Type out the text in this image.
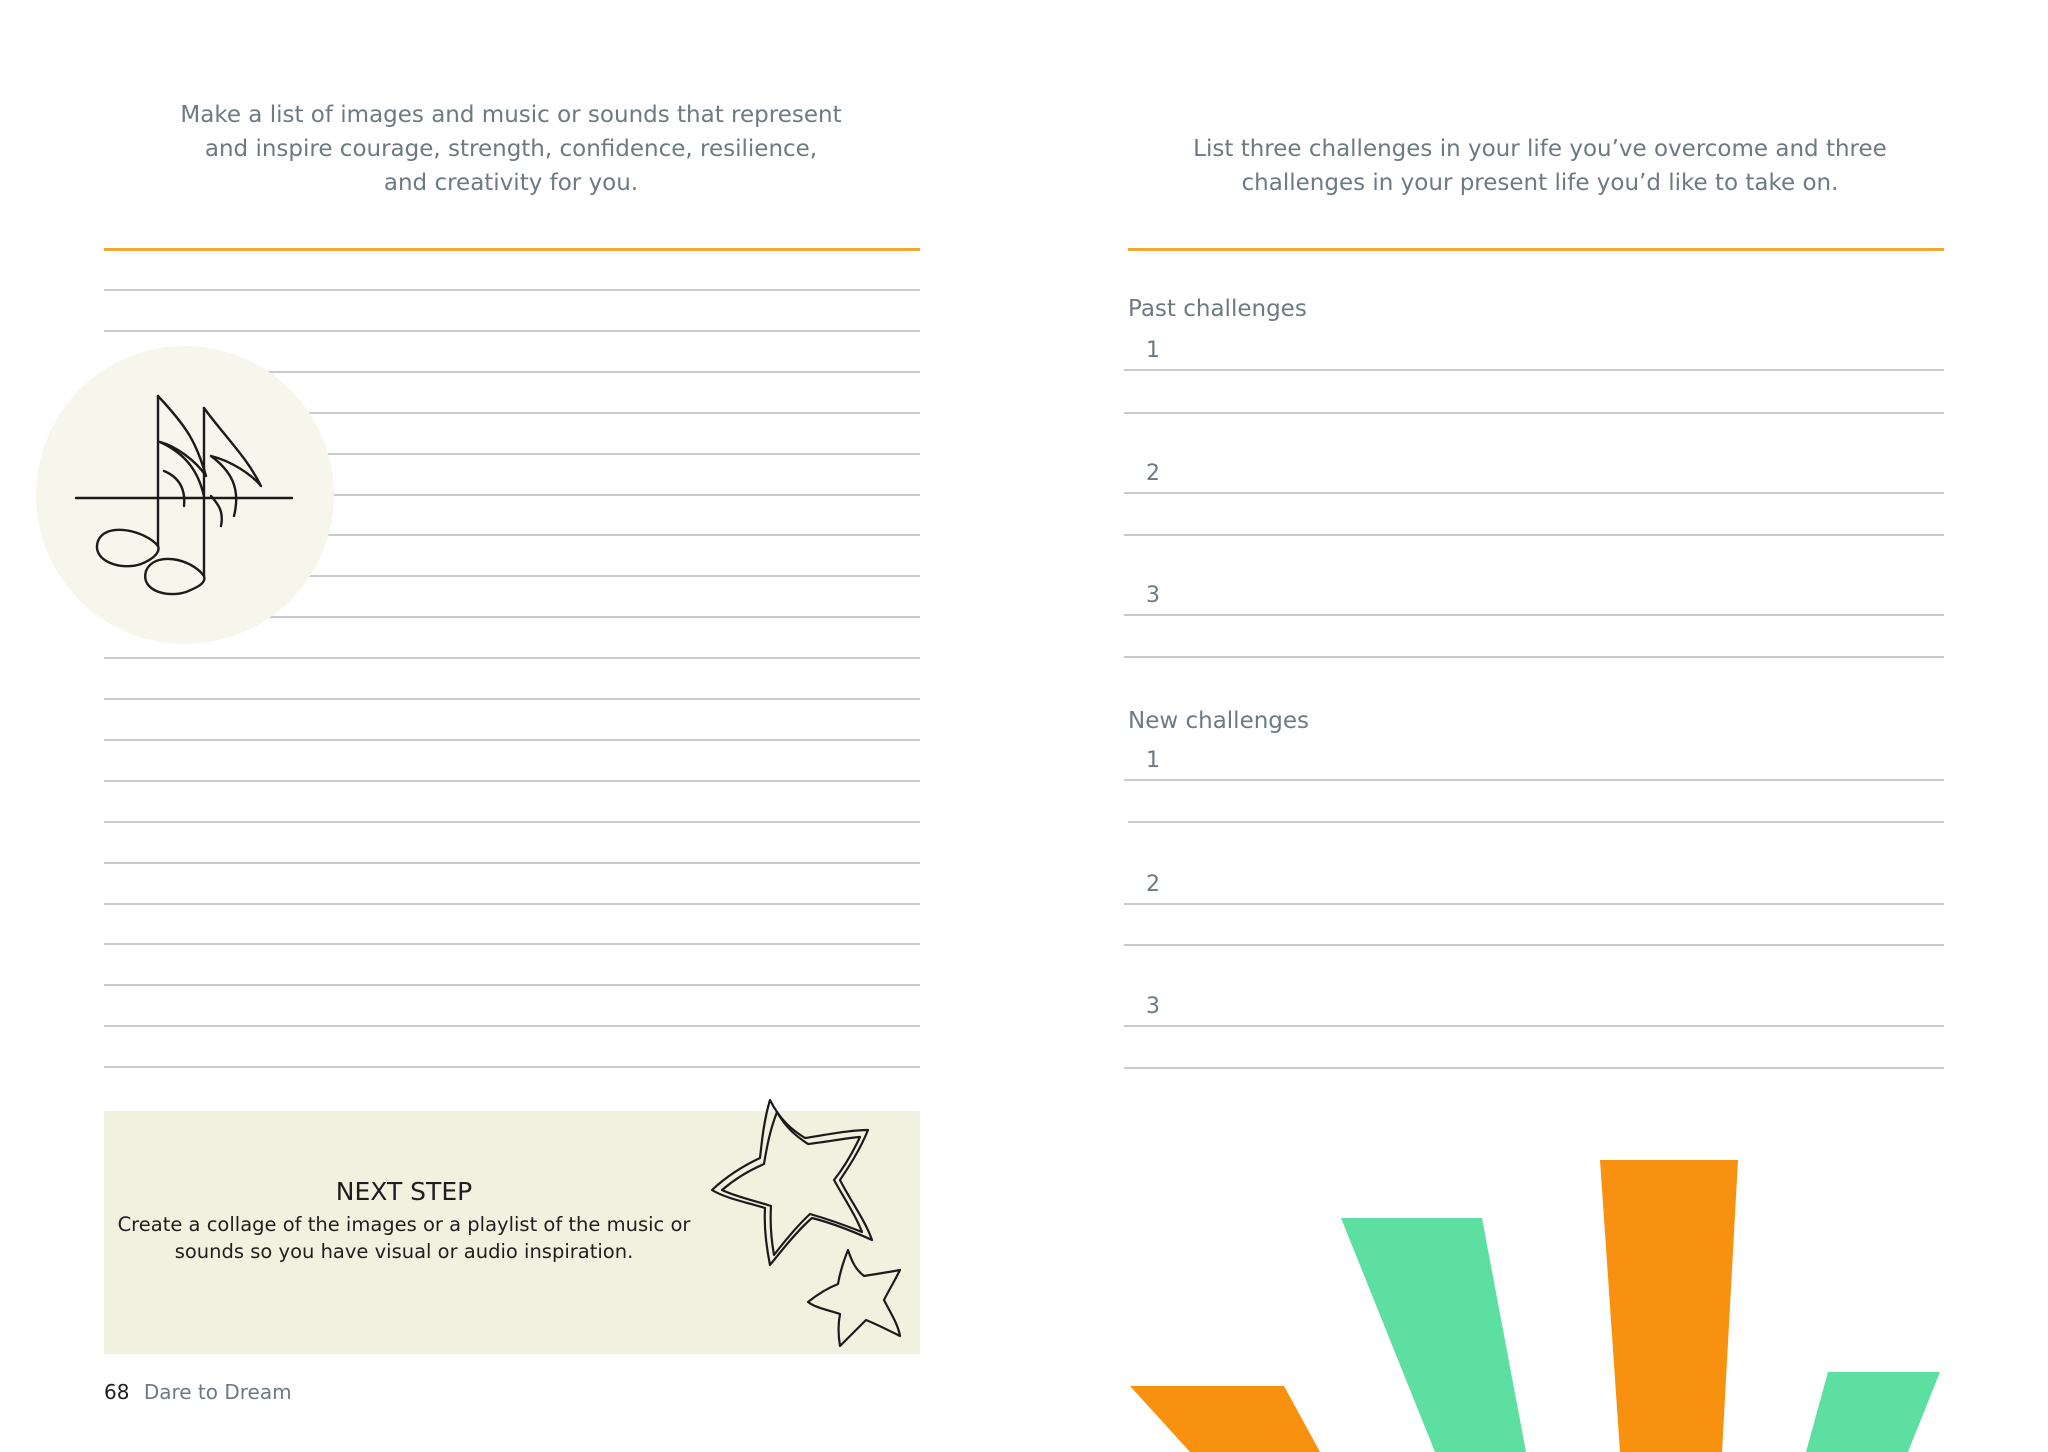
Make a list of images and music or sounds that represent
and inspire courage, strength, confidence, resilience,
and creativity for you.

NEXT STEP

Create a collage of the images or a playlist of the music or
sounds so you have visual or audio inspiration.

68 Dare to Dream

List three challenges in your life you’ve overcome and three
challenges in your present life you’d like to take on.

Past challenges

1
2
3

New challenges

1
2
3
